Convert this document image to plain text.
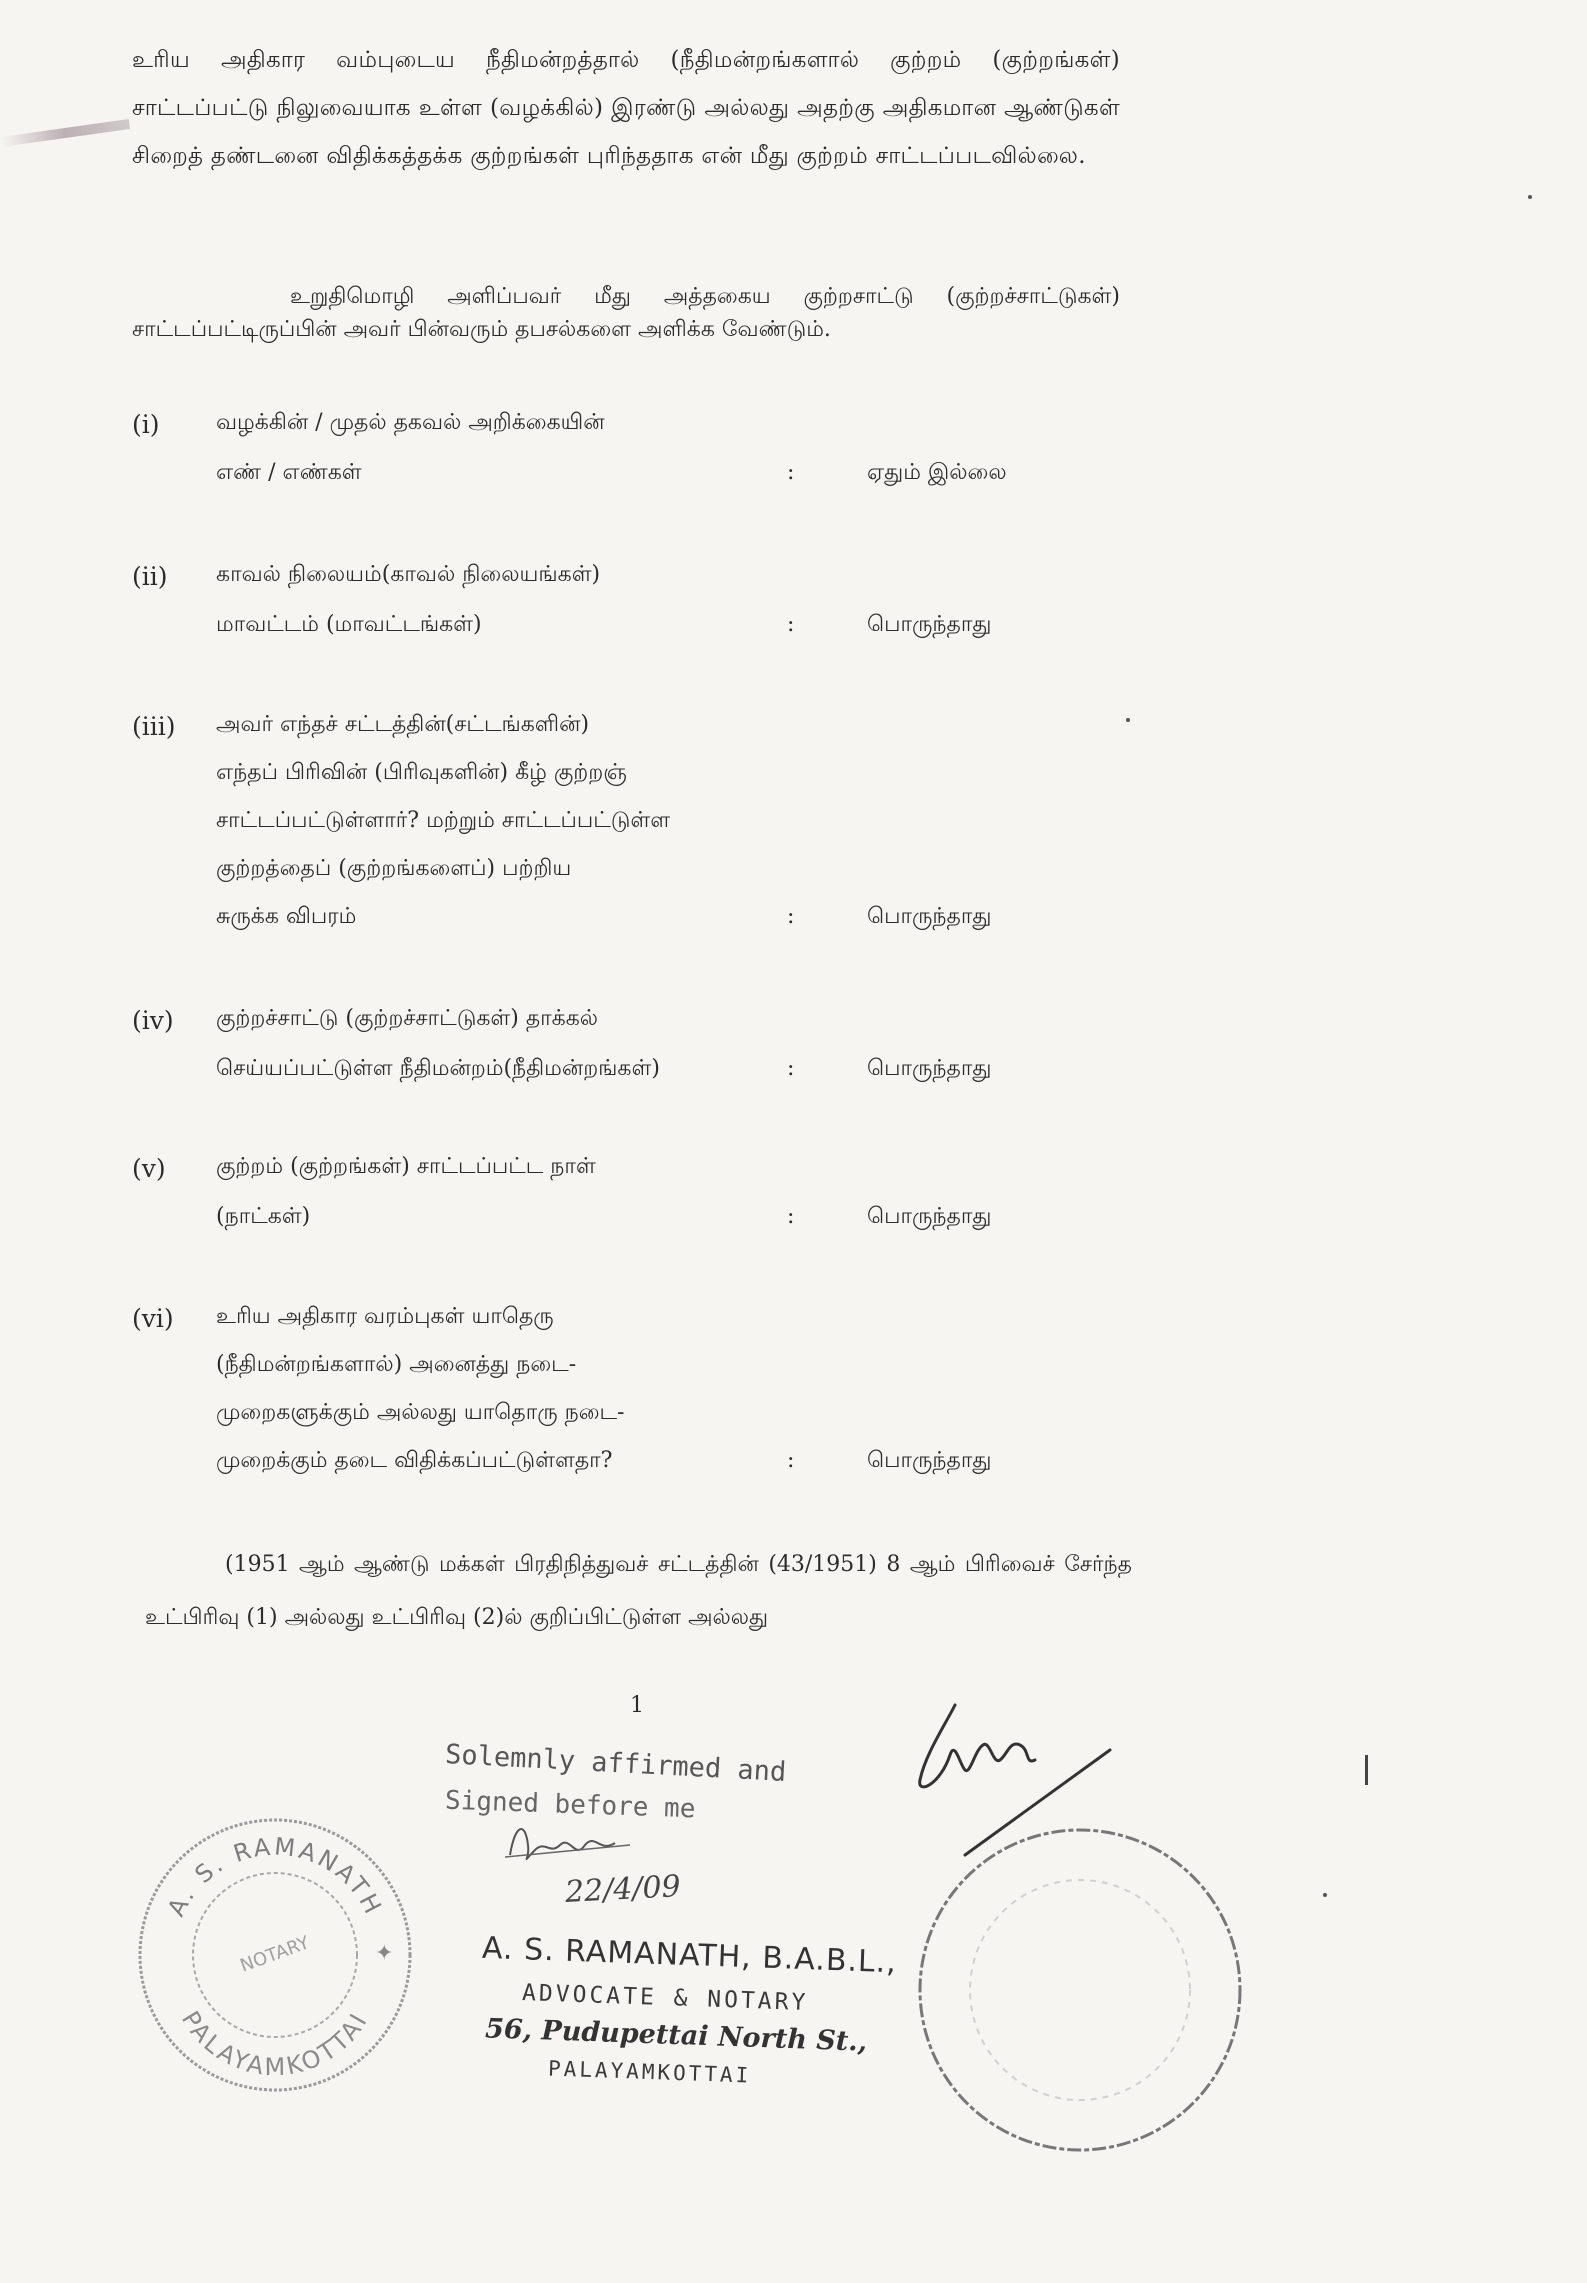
உரிய அதிகார வம்புடைய நீதிமன்றத்தால் (நீதிமன்றங்களால் குற்றம் (குற்றங்கள்) சாட்டப்பட்டு நிலுவையாக உள்ள (வழக்கில்) இரண்டு அல்லது அதற்கு அதிகமான ஆண்டுகள் சிறைத் தண்டனை விதிக்கத்தக்க குற்றங்கள் புரிந்ததாக என் மீது குற்றம் சாட்டப்படவில்லை.
உறுதிமொழி அளிப்பவர் மீது அத்தகைய குற்றசாட்டு (குற்றச்சாட்டுகள்) சாட்டப்பட்டிருப்பின் அவர் பின்வரும் தபசல்களை அளிக்க வேண்டும்.
(i)	வழக்கின் / முதல் தகவல் அறிக்கையின்
எண் / எண்கள்	:	ஏதும் இல்லை
(ii) காவல் நிலையம்(காவல் நிலையங்கள்)
மாவட்டம் (மாவட்டங்கள்)	:	பொருந்தாது
(iii) அவர் எந்தச் சட்டத்தின்(சட்டங்களின்)
எந்தப் பிரிவின் (பிரிவுகளின்) கீழ் குற்றஞ்
சாட்டப்பட்டுள்ளார்? மற்றும் சாட்டப்பட்டுள்ள
குற்றத்தைப் (குற்றங்களைப்) பற்றிய
சுருக்க விபரம்	:	பொருந்தாது
(iv) குற்றச்சாட்டு (குற்றச்சாட்டுகள்) தாக்கல்
செய்யப்பட்டுள்ள நீதிமன்றம்(நீதிமன்றங்கள்)	:	பொருந்தாது
(v) குற்றம் (குற்றங்கள்) சாட்டப்பட்ட நாள்
(நாட்கள்)	:	பொருந்தாது
(vi) உரிய அதிகார வரம்புகள் யாதெரு
(நீதிமன்றங்களால்) அனைத்து நடை-
முறைகளுக்கும் அல்லது யாதொரு நடை-
முறைக்கும் தடை விதிக்கப்பட்டுள்ளதா?	:	பொருந்தாது
(1951 ஆம் ஆண்டு மக்கள் பிரதிநித்துவச் சட்டத்தின் (43/1951) 8 ஆம் பிரிவைச் சேர்ந்த உட்பிரிவு (1) அல்லது உட்பிரிவு (2)ல் குறிப்பிட்டுள்ள அல்லது
1
A. S. RAMANATH
PALAYAMKOTTAI
NOTARY	✦
Solemnly affirmed and
Signed before me
22/4/09
A. S. RAMANATH, B.A.B.L.,
ADVOCATE & NOTARY
56, Pudupettai North St.,
PALAYAMKOTTAI
